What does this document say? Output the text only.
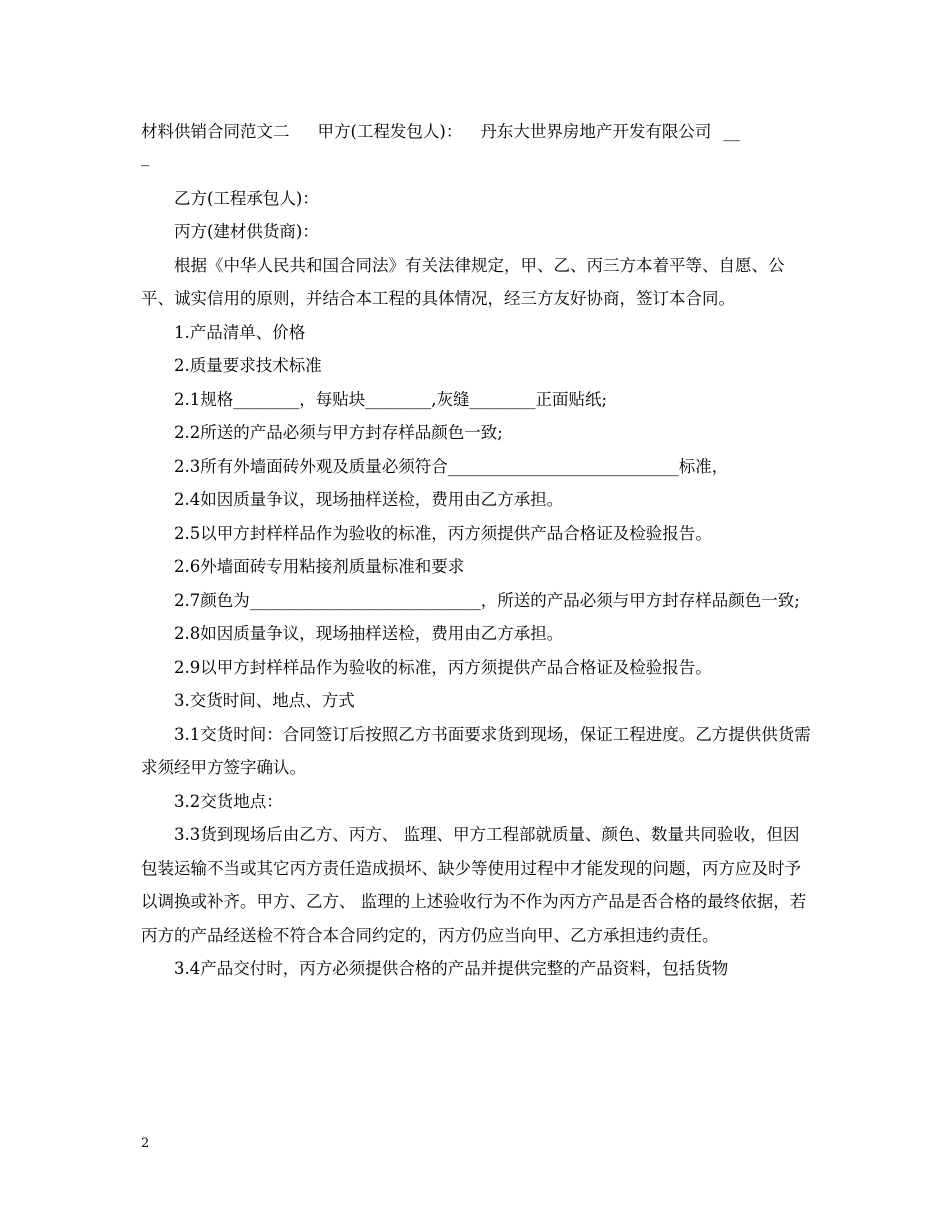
材料供销合同范文二 甲方(工程发包人)： 丹东大世界房地产开发有限公司 __
_

乙方(工程承包人)：

丙方(建材供货商)：

根据《中华人民共和国合同法》有关法律规定，甲、乙、丙三方本着平等、自愿、公平、诚实信用的原则，并结合本工程的具体情况，经三方友好协商，签订本合同。

1.产品清单、价格

2.质量要求技术标准

2.1规格________，每贴块________,灰缝________正面贴纸;

2.2所送的产品必须与甲方封存样品颜色一致;

2.3所有外墙面砖外观及质量必须符合____________________________标准，

2.4如因质量争议，现场抽样送检，费用由乙方承担。

2.5以甲方封样样品作为验收的标准，丙方须提供产品合格证及检验报告。

2.6外墙面砖专用粘接剂质量标准和要求

2.7颜色为____________________________，所送的产品必须与甲方封存样品颜色一致;

2.8如因质量争议，现场抽样送检，费用由乙方承担。

2.9以甲方封样样品作为验收的标准，丙方须提供产品合格证及检验报告。

3.交货时间、地点、方式

3.1交货时间：合同签订后按照乙方书面要求货到现场，保证工程进度。乙方提供供货需求须经甲方签字确认。

3.2交货地点：

3.3货到现场后由乙方、丙方、 监理、甲方工程部就质量、颜色、数量共同验收，但因包装运输不当或其它丙方责任造成损坏、缺少等使用过程中才能发现的问题，丙方应及时予以调换或补齐。甲方、乙方、 监理的上述验收行为不作为丙方产品是否合格的最终依据，若丙方的产品经送检不符合本合同约定的，丙方仍应当向甲、乙方承担违约责任。

3.4产品交付时，丙方必须提供合格的产品并提供完整的产品资料，包括货物

2
